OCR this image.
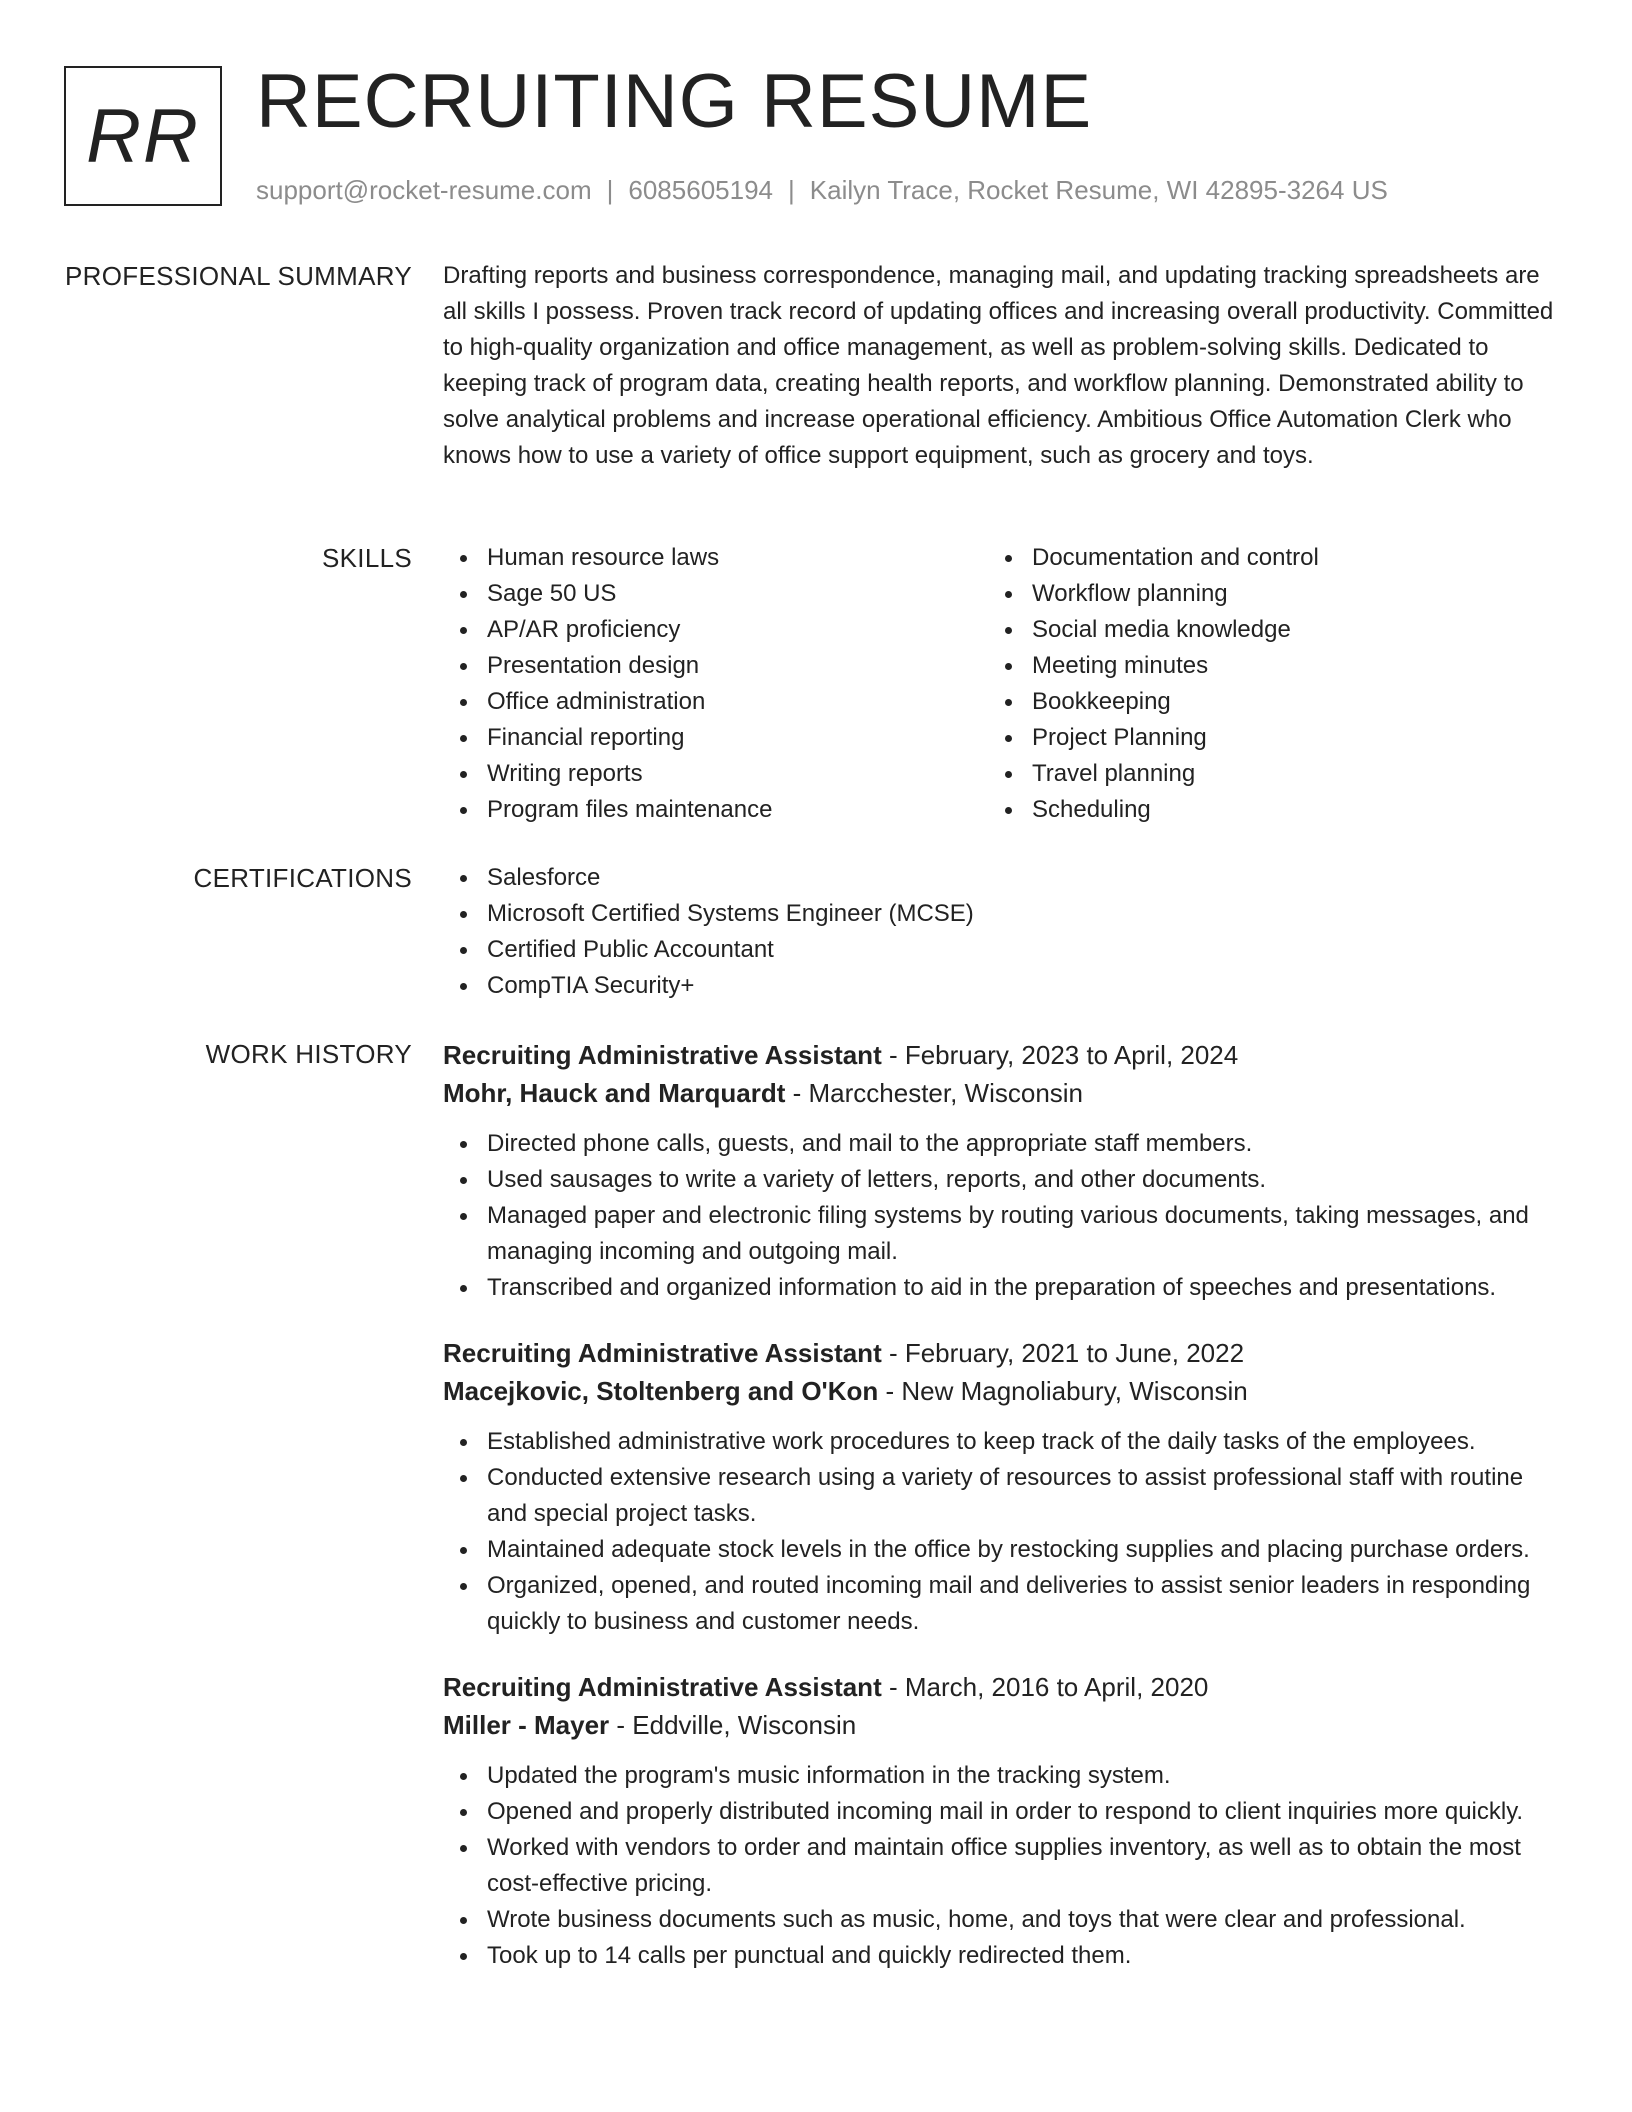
RR RECRUITING RESUME
support@rocket-resume.com | 6085605194 | Kailyn Trace, Rocket Resume, WI 42895-3264 US
PROFESSIONAL SUMMARY Drafting reports and business correspondence, managing mail, and updating tracking spreadsheets are all skills I possess. Proven track record of updating offices and increasing overall productivity. Committed to high-quality organization and office management, as well as problem-solving skills. Dedicated to keeping track of program data, creating health reports, and workflow planning. Demonstrated ability to solve analytical problems and increase operational efficiency. Ambitious Office Automation Clerk who knows how to use a variety of office support equipment, such as grocery and toys.

SKILLS	Human resource laws
Sage 50 US
AP/AR proficiency
Presentation design
Office administration
Financial reporting
Writing reports
Program files maintenance
Documentation and control
Workflow planning
Social media knowledge
Meeting minutes
Bookkeeping
Project Planning
Travel planning
Scheduling
CERTIFICATIONS	Salesforce
Microsoft Certified Systems Engineer (MCSE)
Certified Public Accountant
CompTIA Security+
WORK HISTORY Recruiting Administrative Assistant - February, 2023 to April, 2024
Mohr, Hauck and Marquardt - Marcchester, Wisconsin
Directed phone calls, guests, and mail to the appropriate staff members.
Used sausages to write a variety of letters, reports, and other documents.
Managed paper and electronic filing systems by routing various documents, taking messages, and managing incoming and outgoing mail.
Transcribed and organized information to aid in the preparation of speeches and presentations.
Recruiting Administrative Assistant - February, 2021 to June, 2022
Macejkovic, Stoltenberg and O'Kon - New Magnoliabury, Wisconsin
Established administrative work procedures to keep track of the daily tasks of the employees.
Conducted extensive research using a variety of resources to assist professional staff with routine and special project tasks.
Maintained adequate stock levels in the office by restocking supplies and placing purchase orders.
Organized, opened, and routed incoming mail and deliveries to assist senior leaders in responding quickly to business and customer needs.
Recruiting Administrative Assistant - March, 2016 to April, 2020
Miller - Mayer - Eddville, Wisconsin
Updated the program's music information in the tracking system.
Opened and properly distributed incoming mail in order to respond to client inquiries more quickly.
Worked with vendors to order and maintain office supplies inventory, as well as to obtain the most cost-effective pricing.
Wrote business documents such as music, home, and toys that were clear and professional.
Took up to 14 calls per punctual and quickly redirected them.
